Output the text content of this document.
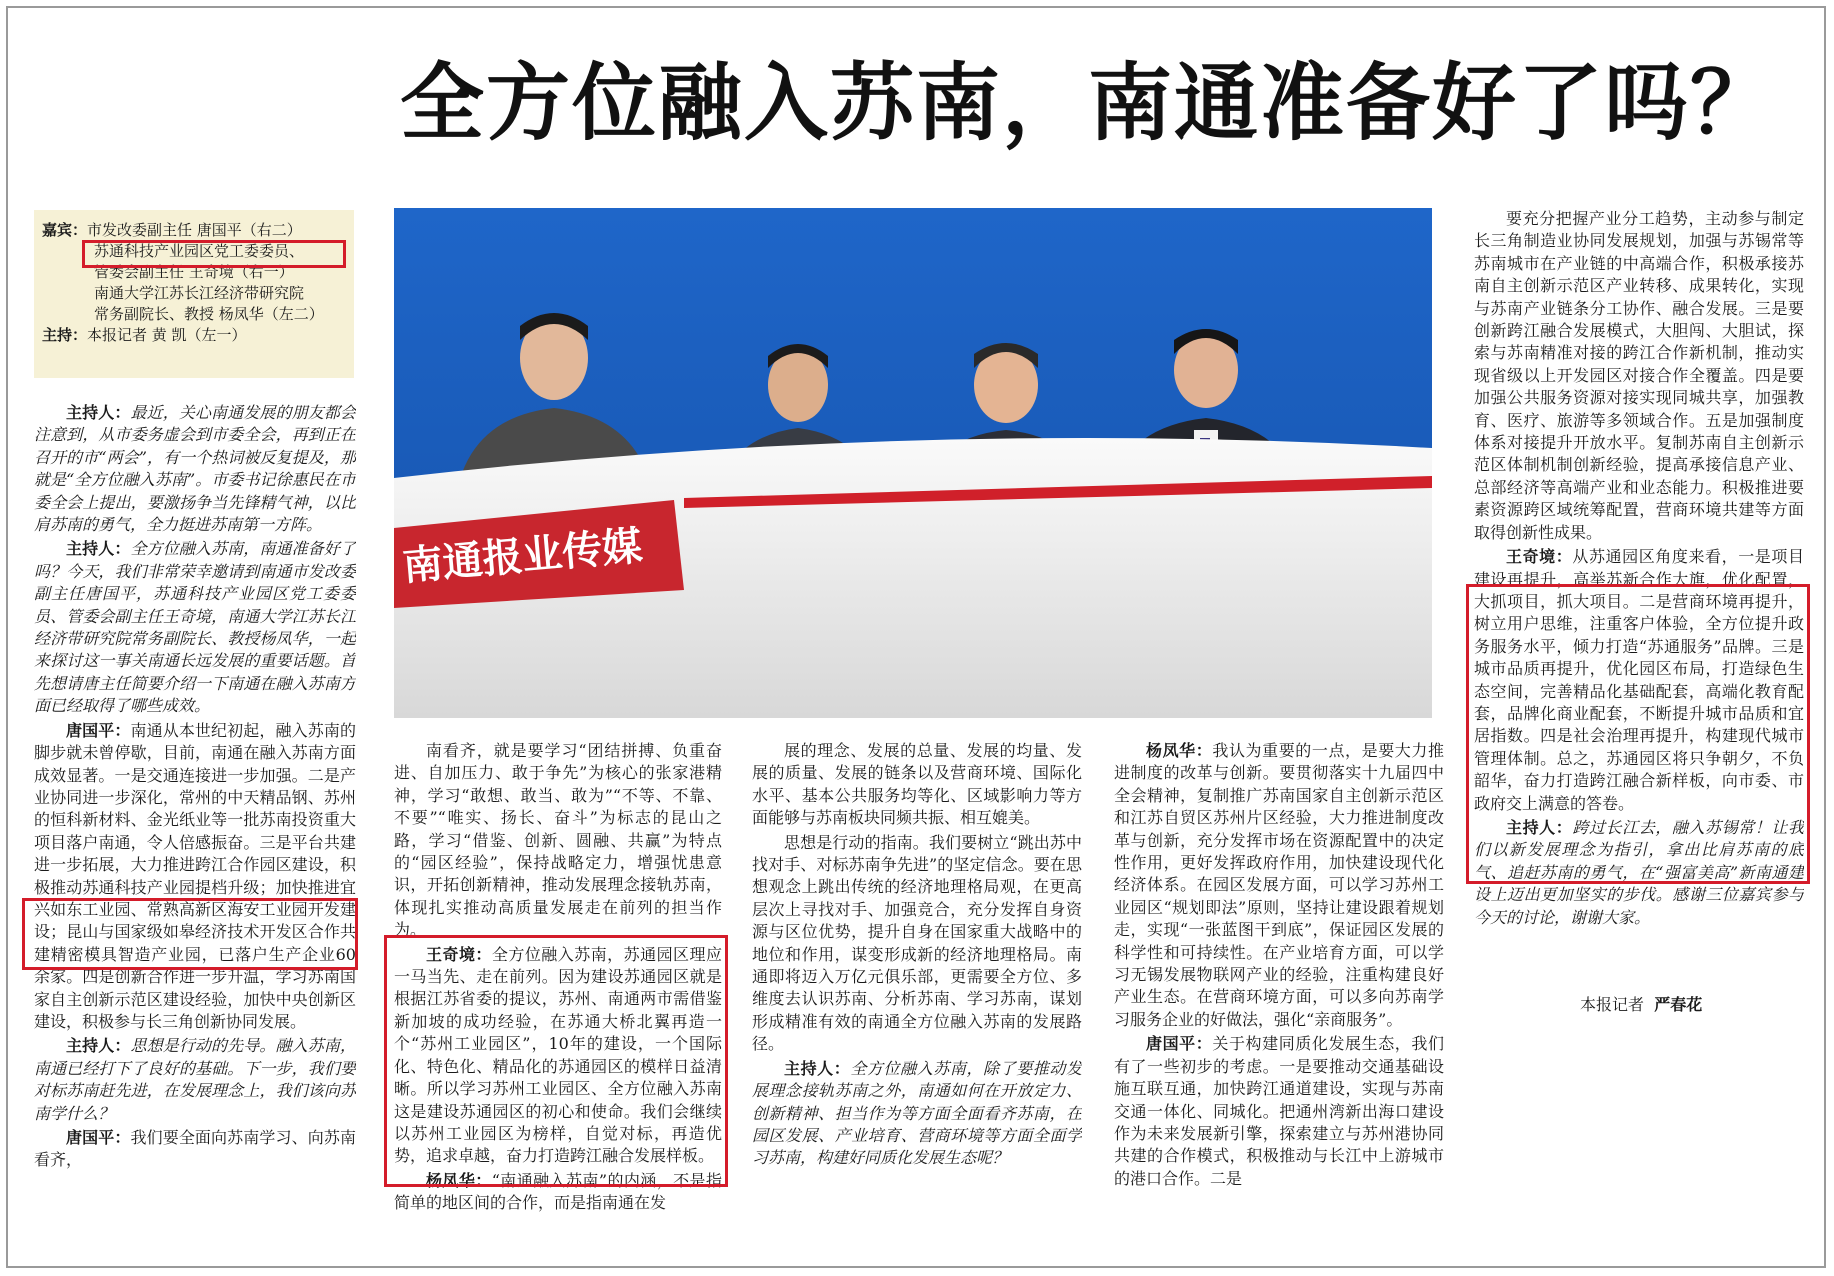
全方位融入苏南，南通准备好了吗？
嘉宾：市发改委副主任 唐国平（右二）
苏通科技产业园区党工委委员、
管委会副主任 王奇境（右一）
南通大学江苏长江经济带研究院
常务副院长、教授 杨凤华（左二）
主持：本报记者 黄 凯（左一）
南通报业传媒

主持人：最近，关心南通发展的朋友都会注意到，从市委务虚会到市委全会，再到正在召开的市“两会”，有一个热词被反复提及，那就是“全方位融入苏南”。市委书记徐惠民在市委全会上提出，要激扬争当先锋精气神，以比肩苏南的勇气，全力挺进苏南第一方阵。

主持人：全方位融入苏南，南通准备好了吗？今天，我们非常荣幸邀请到南通市发改委副主任唐国平，苏通科技产业园区党工委委员、管委会副主任王奇境，南通大学江苏长江经济带研究院常务副院长、教授杨凤华，一起来探讨这一事关南通长远发展的重要话题。首先想请唐主任简要介绍一下南通在融入苏南方面已经取得了哪些成效。

唐国平：南通从本世纪初起，融入苏南的脚步就未曾停歇，目前，南通在融入苏南方面成效显著。一是交通连接进一步加强。二是产业协同进一步深化，常州的中天精品钢、苏州的恒科新材料、金光纸业等一批苏南投资重大项目落户南通，令人倍感振奋。三是平台共建进一步拓展，大力推进跨江合作园区建设，积极推动苏通科技产业园提档升级；加快推进宜兴如东工业园、常熟高新区海安工业园开发建设；昆山与国家级如皋经济技术开发区合作共建精密模具智造产业园，已落户生产企业60余家。四是创新合作进一步升温，学习苏南国家自主创新示范区建设经验，加快中央创新区建设，积极参与长三角创新协同发展。

主持人：思想是行动的先导。融入苏南，南通已经打下了良好的基础。下一步，我们要对标苏南赶先进，在发展理念上，我们该向苏南学什么？

唐国平：我们要全面向苏南学习、向苏南看齐，

南看齐，就是要学习“团结拼搏、负重奋进、自加压力、敢于争先”为核心的张家港精神，学习“敢想、敢当、敢为”“不等、不靠、不要”“唯实、扬长、奋斗”为标志的昆山之路，学习“借鉴、创新、圆融、共赢”为特点的“园区经验”，保持战略定力，增强忧患意识，开拓创新精神，推动发展理念接轨苏南，体现扎实推动高质量发展走在前列的担当作为。

王奇境：全方位融入苏南，苏通园区理应一马当先、走在前列。因为建设苏通园区就是根据江苏省委的提议，苏州、南通两市需借鉴新加坡的成功经验，在苏通大桥北翼再造一个“苏州工业园区”，10年的建设，一个国际化、特色化、精品化的苏通园区的模样日益清晰。所以学习苏州工业园区、全方位融入苏南这是建设苏通园区的初心和使命。我们会继续以苏州工业园区为榜样，自觉对标，再造优势，追求卓越，奋力打造跨江融合发展样板。

杨凤华：“南通融入苏南”的内涵，不是指简单的地区间的合作，而是指南通在发

展的理念、发展的总量、发展的均量、发展的质量、发展的链条以及营商环境、国际化水平、基本公共服务均等化、区域影响力等方面能够与苏南板块同频共振、相互媲美。

思想是行动的指南。我们要树立“跳出苏中找对手、对标苏南争先进”的坚定信念。要在思想观念上跳出传统的经济地理格局观，在更高层次上寻找对手、加强竞合，充分发挥自身资源与区位优势，提升自身在国家重大战略中的地位和作用，谋变形成新的经济地理格局。南通即将迈入万亿元俱乐部，更需要全方位、多维度去认识苏南、分析苏南、学习苏南，谋划形成精准有效的南通全方位融入苏南的发展路径。

主持人：全方位融入苏南，除了要推动发展理念接轨苏南之外，南通如何在开放定力、创新精神、担当作为等方面全面看齐苏南，在园区发展、产业培育、营商环境等方面全面学习苏南，构建好同质化发展生态呢？

杨凤华：我认为重要的一点，是要大力推进制度的改革与创新。要贯彻落实十九届四中全会精神，复制推广苏南国家自主创新示范区和江苏自贸区苏州片区经验，大力推进制度改革与创新，充分发挥市场在资源配置中的决定性作用，更好发挥政府作用，加快建设现代化经济体系。在园区发展方面，可以学习苏州工业园区“规划即法”原则，坚持让建设跟着规划走，实现“一张蓝图干到底”，保证园区发展的科学性和可持续性。在产业培育方面，可以学习无锡发展物联网产业的经验，注重构建良好产业生态。在营商环境方面，可以多向苏南学习服务企业的好做法，强化“亲商服务”。

唐国平：关于构建同质化发展生态，我们有了一些初步的考虑。一是要推动交通基础设施互联互通，加快跨江通道建设，实现与苏南交通一体化、同城化。把通州湾新出海口建设作为未来发展新引擎，探索建立与苏州港协同共建的合作模式，积极推动与长江中上游城市的港口合作。二是

要充分把握产业分工趋势，主动参与制定长三角制造业协同发展规划，加强与苏锡常等苏南城市在产业链的中高端合作，积极承接苏南自主创新示范区产业转移、成果转化，实现与苏南产业链条分工协作、融合发展。三是要创新跨江融合发展模式，大胆闯、大胆试，探索与苏南精准对接的跨江合作新机制，推动实现省级以上开发园区对接合作全覆盖。四是要加强公共服务资源对接实现同城共享，加强教育、医疗、旅游等多领域合作。五是加强制度体系对接提升开放水平。复制苏南自主创新示范区体制机制创新经验，提高承接信息产业、总部经济等高端产业和业态能力。积极推进要素资源跨区域统筹配置，营商环境共建等方面取得创新性成果。

王奇境：从苏通园区角度来看，一是项目建设再提升，高举苏新合作大旗，优化配置，大抓项目，抓大项目。二是营商环境再提升，树立用户思维，注重客户体验，全方位提升政务服务水平，倾力打造“苏通服务”品牌。三是城市品质再提升，优化园区布局，打造绿色生态空间，完善精品化基础配套，高端化教育配套，品牌化商业配套，不断提升城市品质和宜居指数。四是社会治理再提升，构建现代城市管理体制。总之，苏通园区将只争朝夕，不负韶华，奋力打造跨江融合新样板，向市委、市政府交上满意的答卷。

主持人：跨过长江去，融入苏锡常！让我们以新发展理念为指引，拿出比肩苏南的底气、追赶苏南的勇气，在“强富美高”新南通建设上迈出更加坚实的步伐。感谢三位嘉宾参与今天的讨论，谢谢大家。

本报记者 严春花
